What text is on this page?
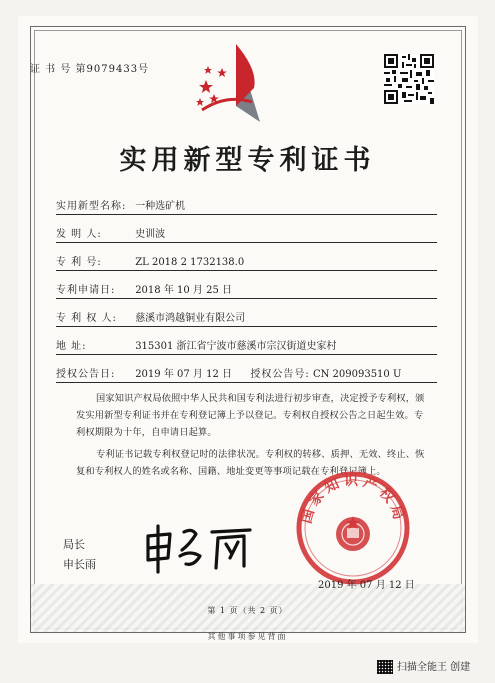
证 书 号 第9079433号
实用新型专利证书
实用新型名称: 一种选矿机
发 明 人:	史训波
专 利 号:	ZL 2018 2 1732138.0
专利申请日: 2018 年 10 月 25 日
专 利 权 人: 慈溪市鸿越铜业有限公司
地 址:	315301 浙江省宁波市慈溪市宗汉街道史家村
授权公告日: 2019 年 07 月 12 日 授权公告号: CN 209093510 U
国家知识产权局依照中华人民共和国专利法进行初步审查，决定授予专利权，颁发实用新型专利证书并在专利登记簿上予以登记。专利权自授权公告之日起生效。专利权期限为十年，自申请日起算。
专利证书记载专利权登记时的法律状况。专利权的转移、质押、无效、终止、恢复和专利权人的姓名或名称、国籍、地址变更等事项记载在专利登记簿上。
局长
申长雨
国家知识产权局
2019 年 07 月 12 日
第 1 页（共 2 页）
其他事项参见背面
扫描全能王 创建
